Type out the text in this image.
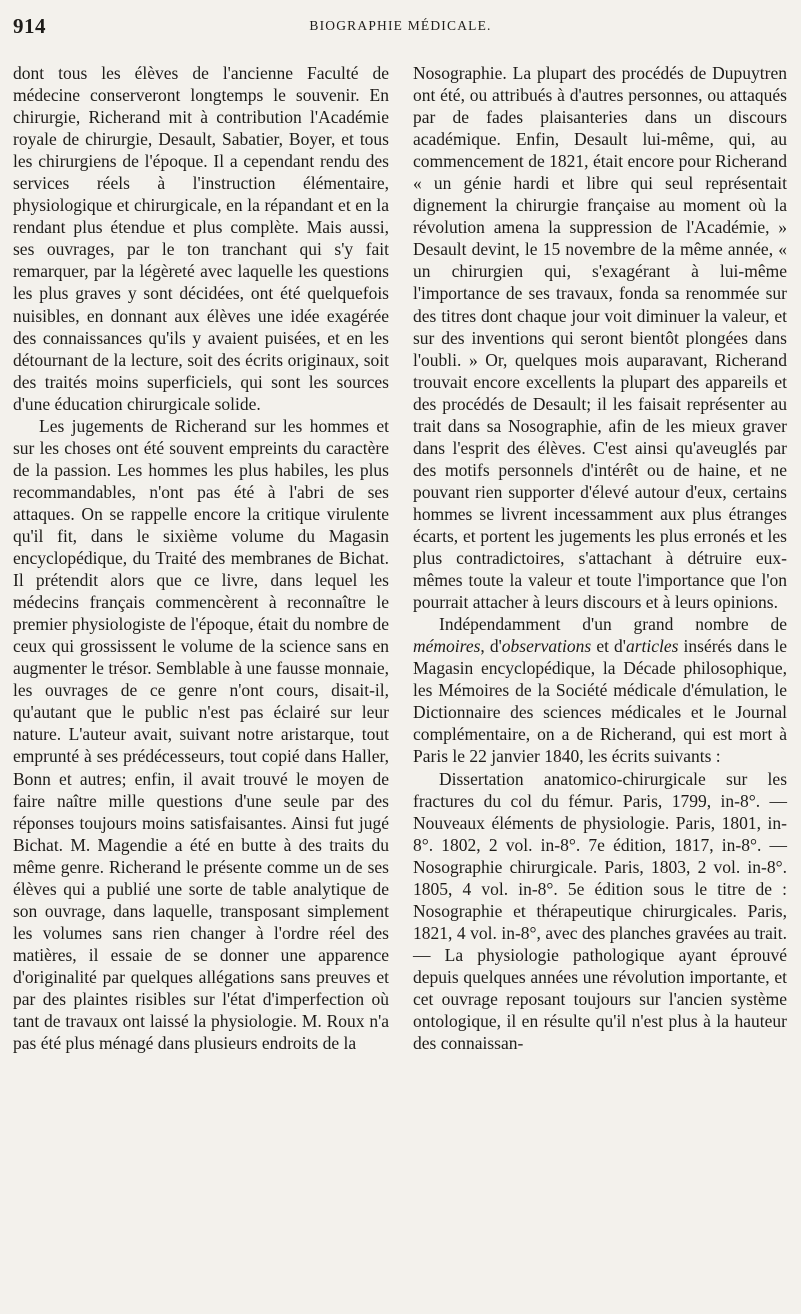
914	BIOGRAPHIE MÉDICALE.

dont tous les élèves de l'ancienne Faculté de médecine conserveront longtemps le souvenir. En chirurgie, Richerand mit à contribution l'Académie royale de chirurgie, Desault, Sabatier, Boyer, et tous les chirurgiens de l'époque. Il a cependant rendu des services réels à l'instruction élémentaire, physiologique et chirurgicale, en la répandant et en la rendant plus étendue et plus complète. Mais aussi, ses ouvrages, par le ton tranchant qui s'y fait remarquer, par la légèreté avec laquelle les questions les plus graves y sont décidées, ont été quelquefois nuisibles, en donnant aux élèves une idée exagérée des connaissances qu'ils y avaient puisées, et en les détournant de la lecture, soit des écrits originaux, soit des traités moins superficiels, qui sont les sources d'une éducation chirurgicale solide.

Les jugements de Richerand sur les hommes et sur les choses ont été souvent empreints du caractère de la passion. Les hommes les plus habiles, les plus recommandables, n'ont pas été à l'abri de ses attaques. On se rappelle encore la critique virulente qu'il fit, dans le sixième volume du Magasin encyclopédique, du Traité des membranes de Bichat. Il prétendit alors que ce livre, dans lequel les médecins français commencèrent à reconnaître le premier physiologiste de l'époque, était du nombre de ceux qui grossissent le volume de la science sans en augmenter le trésor. Semblable à une fausse monnaie, les ouvrages de ce genre n'ont cours, disait-il, qu'autant que le public n'est pas éclairé sur leur nature. L'auteur avait, suivant notre aristarque, tout emprunté à ses prédécesseurs, tout copié dans Haller, Bonn et autres; enfin, il avait trouvé le moyen de faire naître mille questions d'une seule par des réponses toujours moins satisfaisantes. Ainsi fut jugé Bichat. M. Magendie a été en butte à des traits du même genre. Richerand le présente comme un de ses élèves qui a publié une sorte de table analytique de son ouvrage, dans laquelle, transposant simplement les volumes sans rien changer à l'ordre réel des matières, il essaie de se donner une apparence d'originalité par quelques allégations sans preuves et par des plaintes risibles sur l'état d'imperfection où tant de travaux ont laissé la physiologie. M. Roux n'a pas été plus ménagé dans plusieurs endroits de la

Nosographie. La plupart des procédés de Dupuytren ont été, ou attribués à d'autres personnes, ou attaqués par de fades plaisanteries dans un discours académique. Enfin, Desault lui-même, qui, au commencement de 1821, était encore pour Richerand « un génie hardi et libre qui seul représentait dignement la chirurgie française au moment où la révolution amena la suppression de l'Académie, » Desault devint, le 15 novembre de la même année, « un chirurgien qui, s'exagérant à lui-même l'importance de ses travaux, fonda sa renommée sur des titres dont chaque jour voit diminuer la valeur, et sur des inventions qui seront bientôt plongées dans l'oubli. » Or, quelques mois auparavant, Richerand trouvait encore excellents la plupart des appareils et des procédés de Desault; il les faisait représenter au trait dans sa Nosographie, afin de les mieux graver dans l'esprit des élèves. C'est ainsi qu'aveuglés par des motifs personnels d'intérêt ou de haine, et ne pouvant rien supporter d'élevé autour d'eux, certains hommes se livrent incessamment aux plus étranges écarts, et portent les jugements les plus erronés et les plus contradictoires, s'attachant à détruire eux-mêmes toute la valeur et toute l'importance que l'on pourrait attacher à leurs discours et à leurs opinions.

Indépendamment d'un grand nombre de mémoires, d'observations et d'articles insérés dans le Magasin encyclopédique, la Décade philosophique, les Mémoires de la Société médicale d'émulation, le Dictionnaire des sciences médicales et le Journal complémentaire, on a de Richerand, qui est mort à Paris le 22 janvier 1840, les écrits suivants :

Dissertation anatomico-chirurgicale sur les fractures du col du fémur. Paris, 1799, in-8°. — Nouveaux éléments de physiologie. Paris, 1801, in-8°. 1802, 2 vol. in-8°. 7e édition, 1817, in-8°. — Nosographie chirurgicale. Paris, 1803, 2 vol. in-8°. 1805, 4 vol. in-8°. 5e édition sous le titre de : Nosographie et thérapeutique chirurgicales. Paris, 1821, 4 vol. in-8°, avec des planches gravées au trait. — La physiologie pathologique ayant éprouvé depuis quelques années une révolution importante, et cet ouvrage reposant toujours sur l'ancien système ontologique, il en résulte qu'il n'est plus à la hauteur des connaissan-
